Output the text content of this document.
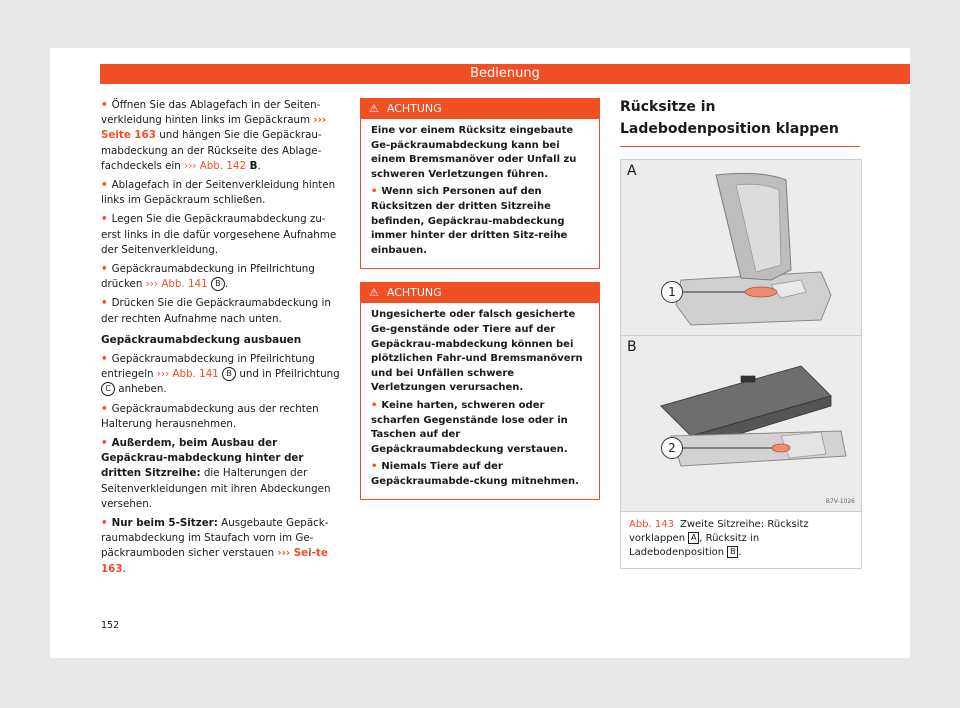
Bedienung

• Öffnen Sie das Ablagefach in der Seiten-verkleidung hinten links im Gepäckraum ››› Seite 163 und hängen Sie die Gepäckrau-mabdeckung an der Rückseite des Ablage-fachdeckels ein ››› Abb. 142 B.

• Ablagefach in der Seitenverkleidung hinten links im Gepäckraum schließen.

• Legen Sie die Gepäckraumabdeckung zu-erst links in die dafür vorgesehene Aufnahme der Seitenverkleidung.

• Gepäckraumabdeckung in Pfeilrichtung drücken ››› Abb. 141 B .

• Drücken Sie die Gepäckraumabdeckung in der rechten Aufnahme nach unten.

Gepäckraumabdeckung ausbauen

• Gepäckraumabdeckung in Pfeilrichtung entriegeln ››› Abb. 141 B und in Pfeilrichtung C anheben.

• Gepäckraumabdeckung aus der rechten Halterung herausnehmen.

• Außerdem, beim Ausbau der Gepäckrau-mabdeckung hinter der dritten Sitzreihe: die Halterungen der Seitenverkleidungen mit ihren Abdeckungen versehen.

• Nur beim 5-Sitzer: Ausgebaute Gepäck-raumabdeckung im Staufach vorn im Ge-päckraumboden sicher verstauen ››› Sei-te 163.

⚠ ACHTUNG

Eine vor einem Rücksitz eingebaute Ge-päckraumabdeckung kann bei einem Bremsmanöver oder Unfall zu schweren Verletzungen führen.

• Wenn sich Personen auf den Rücksitzen der dritten Sitzreihe befinden, Gepäckrau-mabdeckung immer hinter der dritten Sitz-reihe einbauen.

⚠ ACHTUNG

Ungesicherte oder falsch gesicherte Ge-genstände oder Tiere auf der Gepäckrau-mabdeckung können bei plötzlichen Fahr-und Bremsmanövern und bei Unfällen schwere Verletzungen verursachen.

• Keine harten, schweren oder scharfen Gegenstände lose oder in Taschen auf der Gepäckraumabdeckung verstauen.

• Niemals Tiere auf der Gepäckraumabde-ckung mitnehmen.

Rücksitze in Ladebodenposition klappen
A
1
B
2
B7V-1026
Abb. 143 Zweite Sitzreihe: Rücksitz vorklappen A , Rücksitz in Ladebodenposition B .
152
